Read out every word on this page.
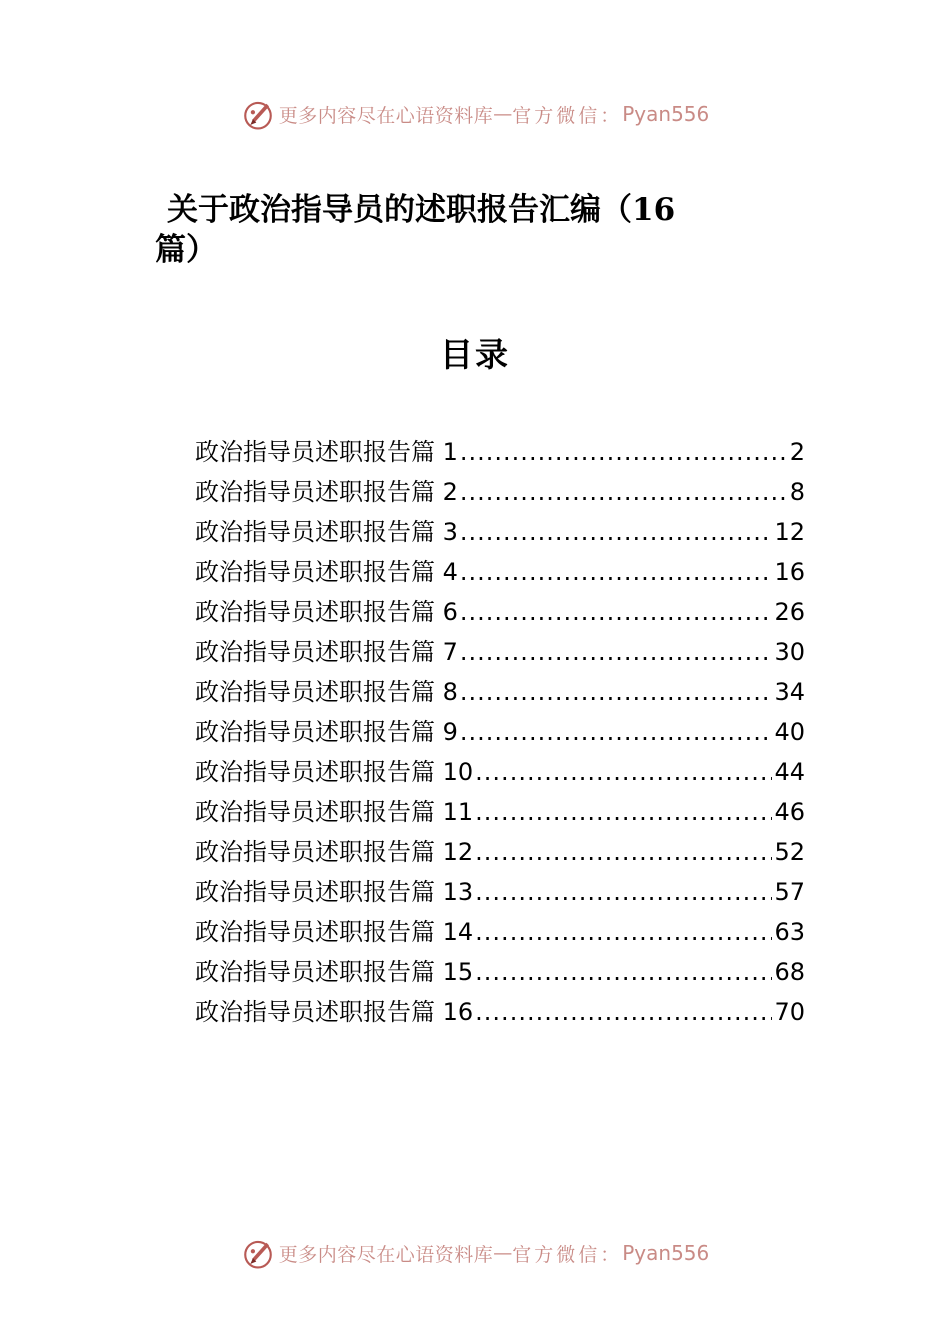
更多内容尽在心语资料库 — 官方微信： Pyan556
关于政治指导员的述职报告汇编（16
篇）
目录
政治指导员述职报告篇 1 .....	2
政治指导员述职报告篇 2 .....	8
政治指导员述职报告篇 3 .....	12
政治指导员述职报告篇 4 .....	16
政治指导员述职报告篇 6 .....	26
政治指导员述职报告篇 7 .....	30
政治指导员述职报告篇 8 .....	34
政治指导员述职报告篇 9 .....	40
政治指导员述职报告篇 10 .....	44
政治指导员述职报告篇 11 .....	46
政治指导员述职报告篇 12 .....	52
政治指导员述职报告篇 13 .....	57
政治指导员述职报告篇 14 .....	63
政治指导员述职报告篇 15 .....	68
政治指导员述职报告篇 16 .....	70
更多内容尽在心语资料库 — 官方微信： Pyan556
